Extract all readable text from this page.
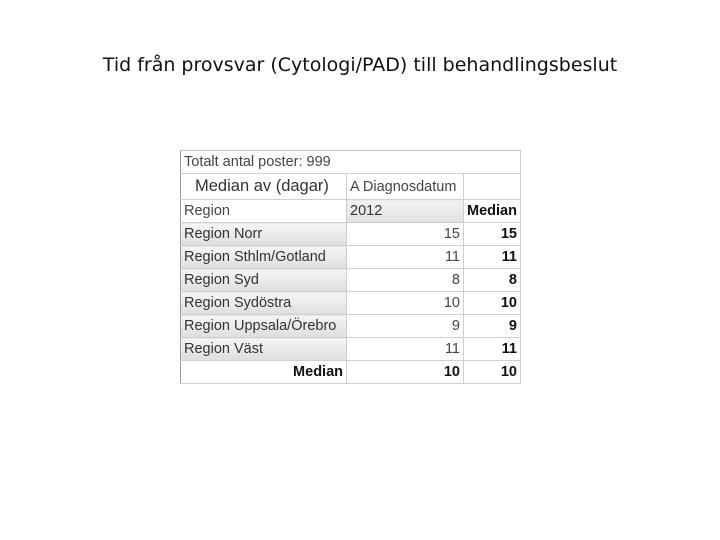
Tid från provsvar (Cytologi/PAD) till behandlingsbeslut
Totalt antal poster: 999		
Median av (dagar)	A Diagnosdatum	
Region	2012	Median
Region Norr	15	15
Region Sthlm/Gotland	11	11
Region Syd	8	8
Region Sydöstra	10	10
Region Uppsala/Örebro	9	9
Region Väst	11	11
Median	10	10
